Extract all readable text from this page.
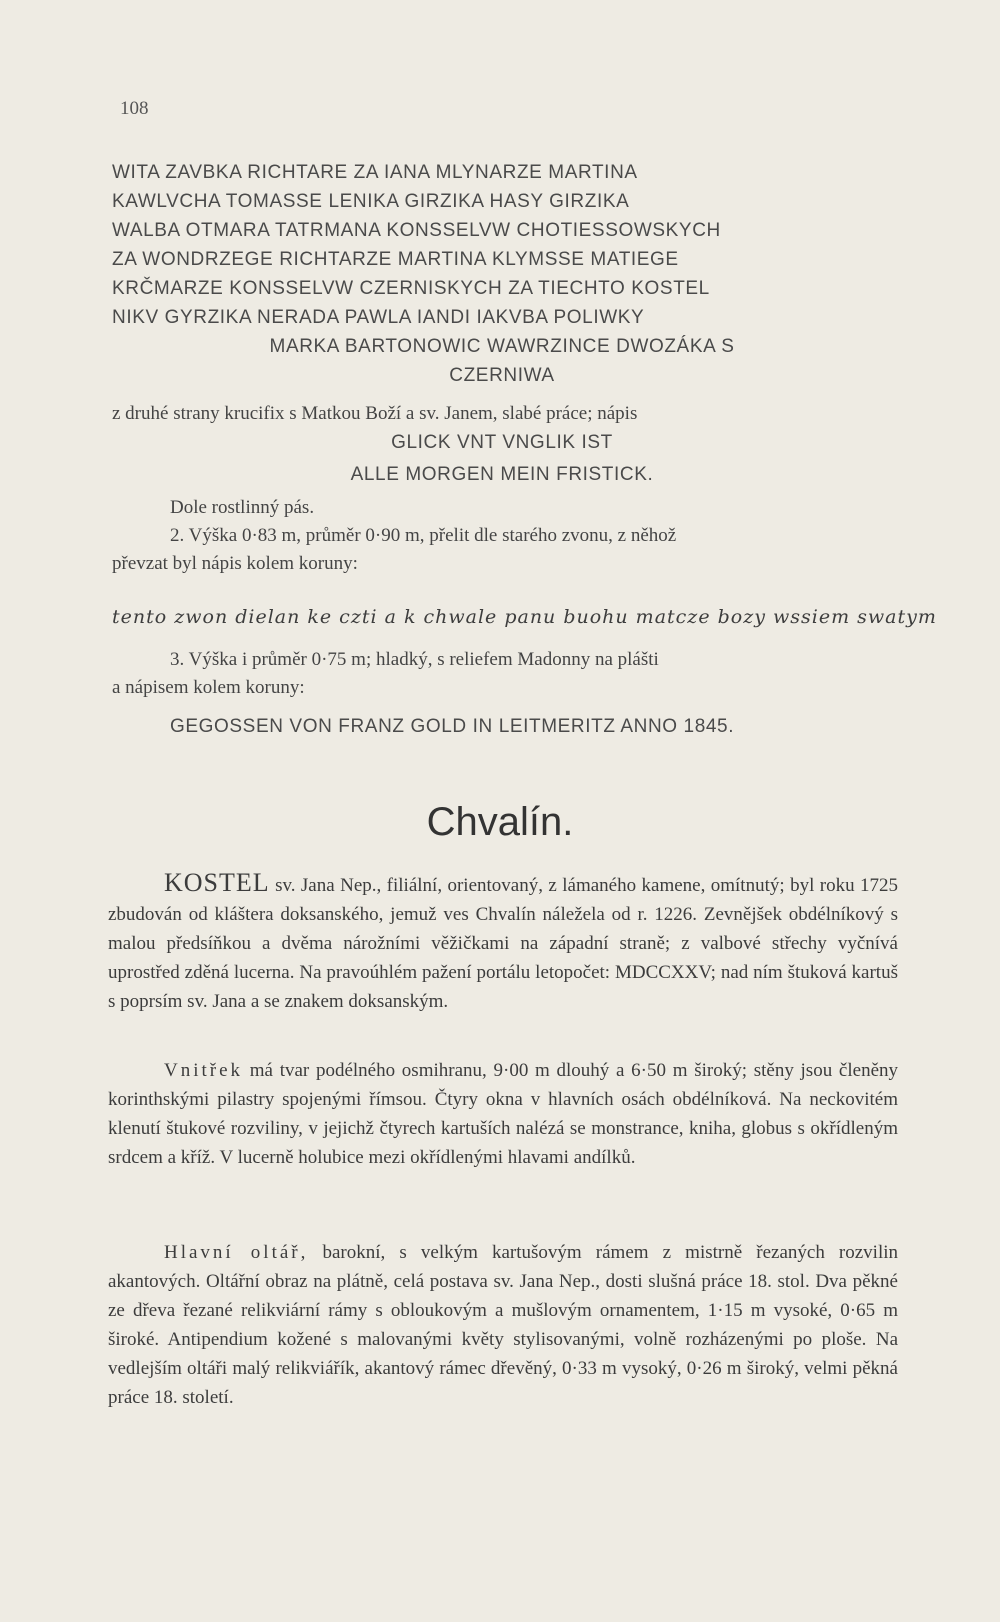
108
WITA ZAVBKA RICHTARE ZA IANA MLYNARZE MARTINA
KAWLVCHA TOMASSE LENIKA GIRZIKA HASY GIRZIKA
WALBA OTMARA TATRMANA KONSSELVW CHOTIESSOWSKYCH
ZA WONDRZEGE RICHTARZE MARTINA KLYMSSE MATIEGE
KRČMARZE KONSSELVW CZERNISKYCH ZA TIECHTO KOSTEL
NIKV GYRZIKA NERADA PAWLA IANDI IAKVBA POLIWKY
MARKA BARTONOWIC WAWRZINCE DWOZÁKA S
CZERNIWA

z druhé strany krucifix s Matkou Boží a sv. Janem, slabé práce; nápis

GLICK VNT VNGLIK IST
ALLE MORGEN MEIN FRISTICK.

Dole rostlinný pás.

2. Výška 0·83 m, průměr 0·90 m, přelit dle starého zvonu, z něhož

převzat byl nápis kolem koruny:

tento zwon dielan ke czti a k chwale panu buohu matcze bozy wssiem swatym

3. Výška i průměr 0·75 m; hladký, s reliefem Madonny na plášti

a nápisem kolem koruny:

GEGOSSEN VON FRANZ GOLD IN LEITMERITZ ANNO 1845.
Chvalín.

KOSTEL sv. Jana Nep., filiální, orientovaný, z lámaného kamene, omítnutý; byl roku 1725 zbudován od kláštera doksanského, jemuž ves Chvalín náležela od r. 1226. Zevnějšek obdélníkový s malou předsíňkou a dvěma nárožními věžičkami na západní straně; z valbové střechy vyčnívá uprostřed zděná lucerna. Na pravoúhlém pažení portálu letopočet: MDCCXXV; nad ním štuková kartuš s poprsím sv. Jana a se znakem doksanským.

Vnitřek má tvar podélného osmihranu, 9·00 m dlouhý a 6·50 m široký; stěny jsou členěny korinthskými pilastry spojenými římsou. Čtyry okna v hlavních osách obdélníková. Na neckovitém klenutí štukové rozviliny, v jejichž čtyrech kartuších nalézá se monstrance, kniha, globus s okřídleným srdcem a kříž. V lucerně holubice mezi okřídlenými hlavami andílků.

Hlavní oltář, barokní, s velkým kartušovým rámem z mistrně řezaných rozvilin akantových. Oltářní obraz na plátně, celá postava sv. Jana Nep., dosti slušná práce 18. stol. Dva pěkné ze dřeva řezané relikviární rámy s obloukovým a mušlovým ornamentem, 1·15 m vysoké, 0·65 m široké. Antipendium kožené s malovanými květy stylisovanými, volně rozházenými po ploše. Na vedlejším oltáři malý relikviářík, akantový rámec dřevěný, 0·33 m vysoký, 0·26 m široký, velmi pěkná práce 18. století.
